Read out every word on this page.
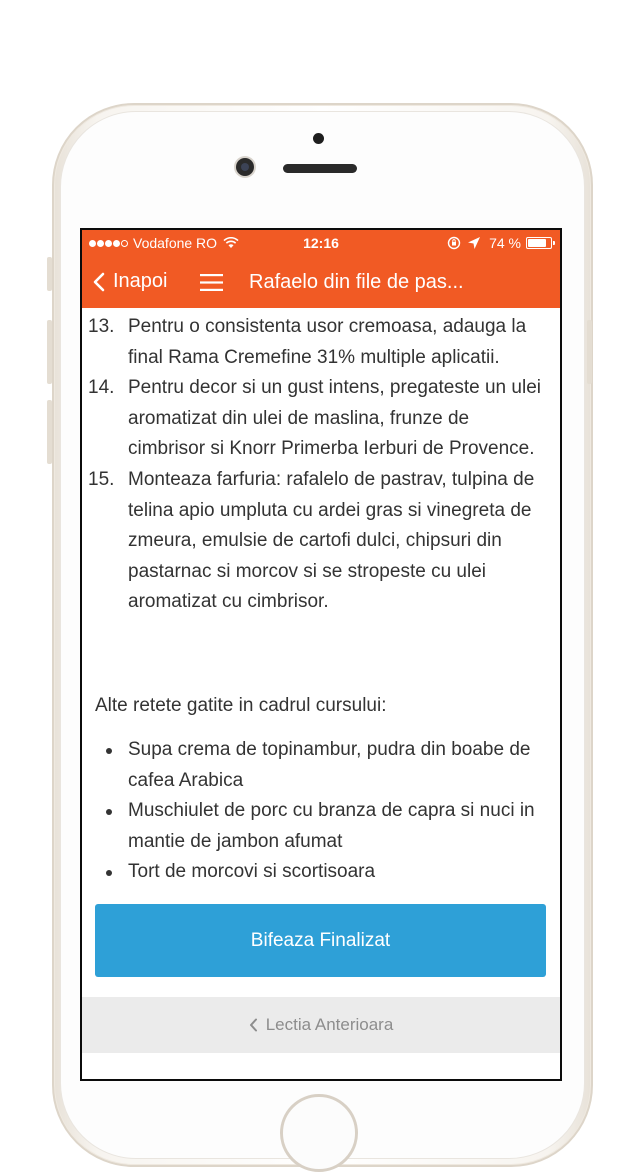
Vodafone RO	12:16	74 %
Inapoi	Rafaelo din file de pas...
13. Pentru o consistenta usor cremoasa, adauga la final Rama Cremefine 31% multiple aplicatii.
14. Pentru decor si un gust intens, pregateste un ulei aromatizat din ulei de maslina, frunze de cimbrisor si Knorr Primerba Ierburi de Provence.
15. Monteaza farfuria: rafalelo de pastrav, tulpina de telina apio umpluta cu ardei gras si vinegreta de zmeura, emulsie de cartofi dulci, chipsuri din pastarnac si morcov si se stropeste cu ulei aromatizat cu cimbrisor.
Alte retete gatite in cadrul cursului:
Supa crema de topinambur, pudra din boabe de cafea Arabica
Muschiulet de porc cu branza de capra si nuci in mantie de jambon afumat
Tort de morcovi si scortisoara
Bifeaza Finalizat
Lectia Anterioara
